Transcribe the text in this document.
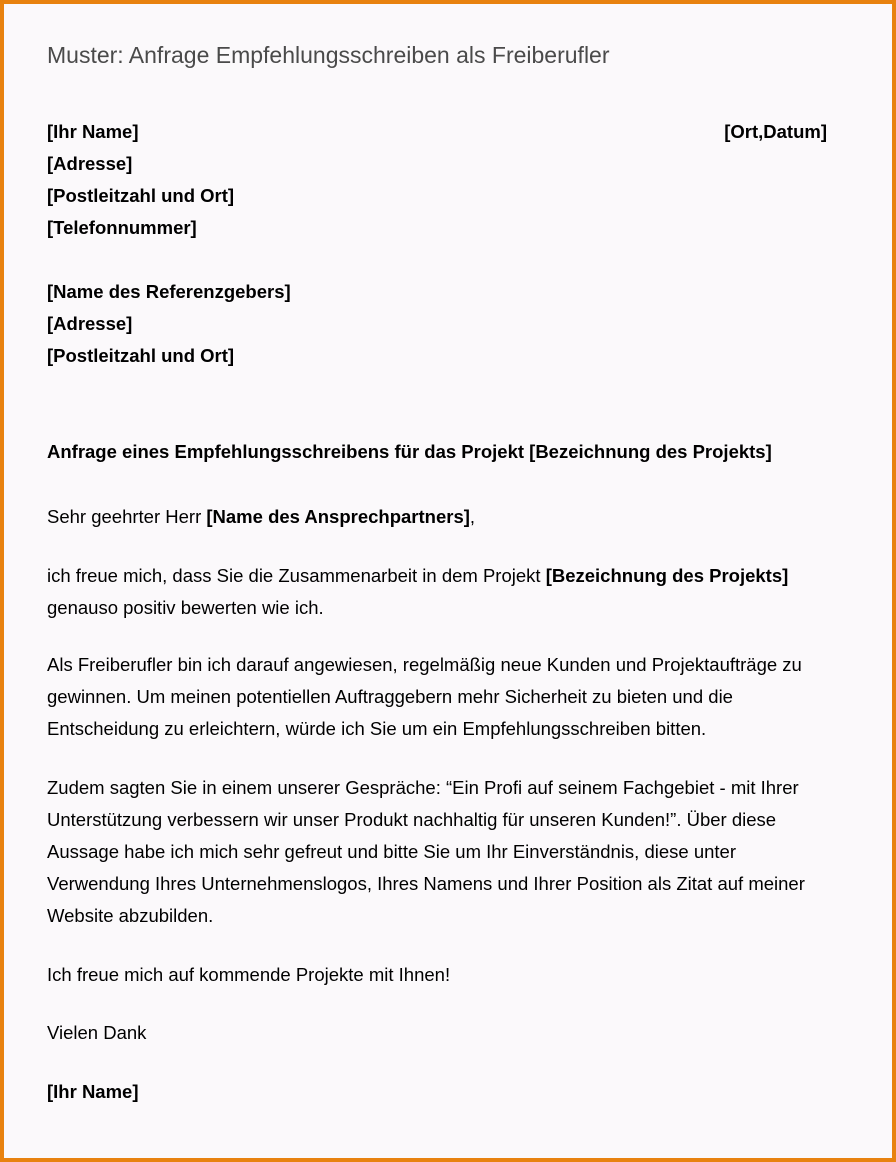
Muster: Anfrage Empfehlungsschreiben als Freiberufler
[Ihr Name]
[Adresse]
[Postleitzahl und Ort]
[Telefonnummer]
[Ort,Datum]
[Name des Referenzgebers]
[Adresse]
[Postleitzahl und Ort]
Anfrage eines Empfehlungsschreibens für das Projekt [Bezeichnung des Projekts]
Sehr geehrter Herr [Name des Ansprechpartners],
ich freue mich, dass Sie die Zusammenarbeit in dem Projekt [Bezeichnung des Projekts]
genauso positiv bewerten wie ich.
Als Freiberufler bin ich darauf angewiesen, regelmäßig neue Kunden und Projektaufträge zu
gewinnen. Um meinen potentiellen Auftraggebern mehr Sicherheit zu bieten und die
Entscheidung zu erleichtern, würde ich Sie um ein Empfehlungsschreiben bitten.
Zudem sagten Sie in einem unserer Gespräche: “Ein Profi auf seinem Fachgebiet - mit Ihrer
Unterstützung verbessern wir unser Produkt nachhaltig für unseren Kunden!”. Über diese
Aussage habe ich mich sehr gefreut und bitte Sie um Ihr Einverständnis, diese unter
Verwendung Ihres Unternehmenslogos, Ihres Namens und Ihrer Position als Zitat auf meiner
Website abzubilden.
Ich freue mich auf kommende Projekte mit Ihnen!
Vielen Dank
[Ihr Name]
